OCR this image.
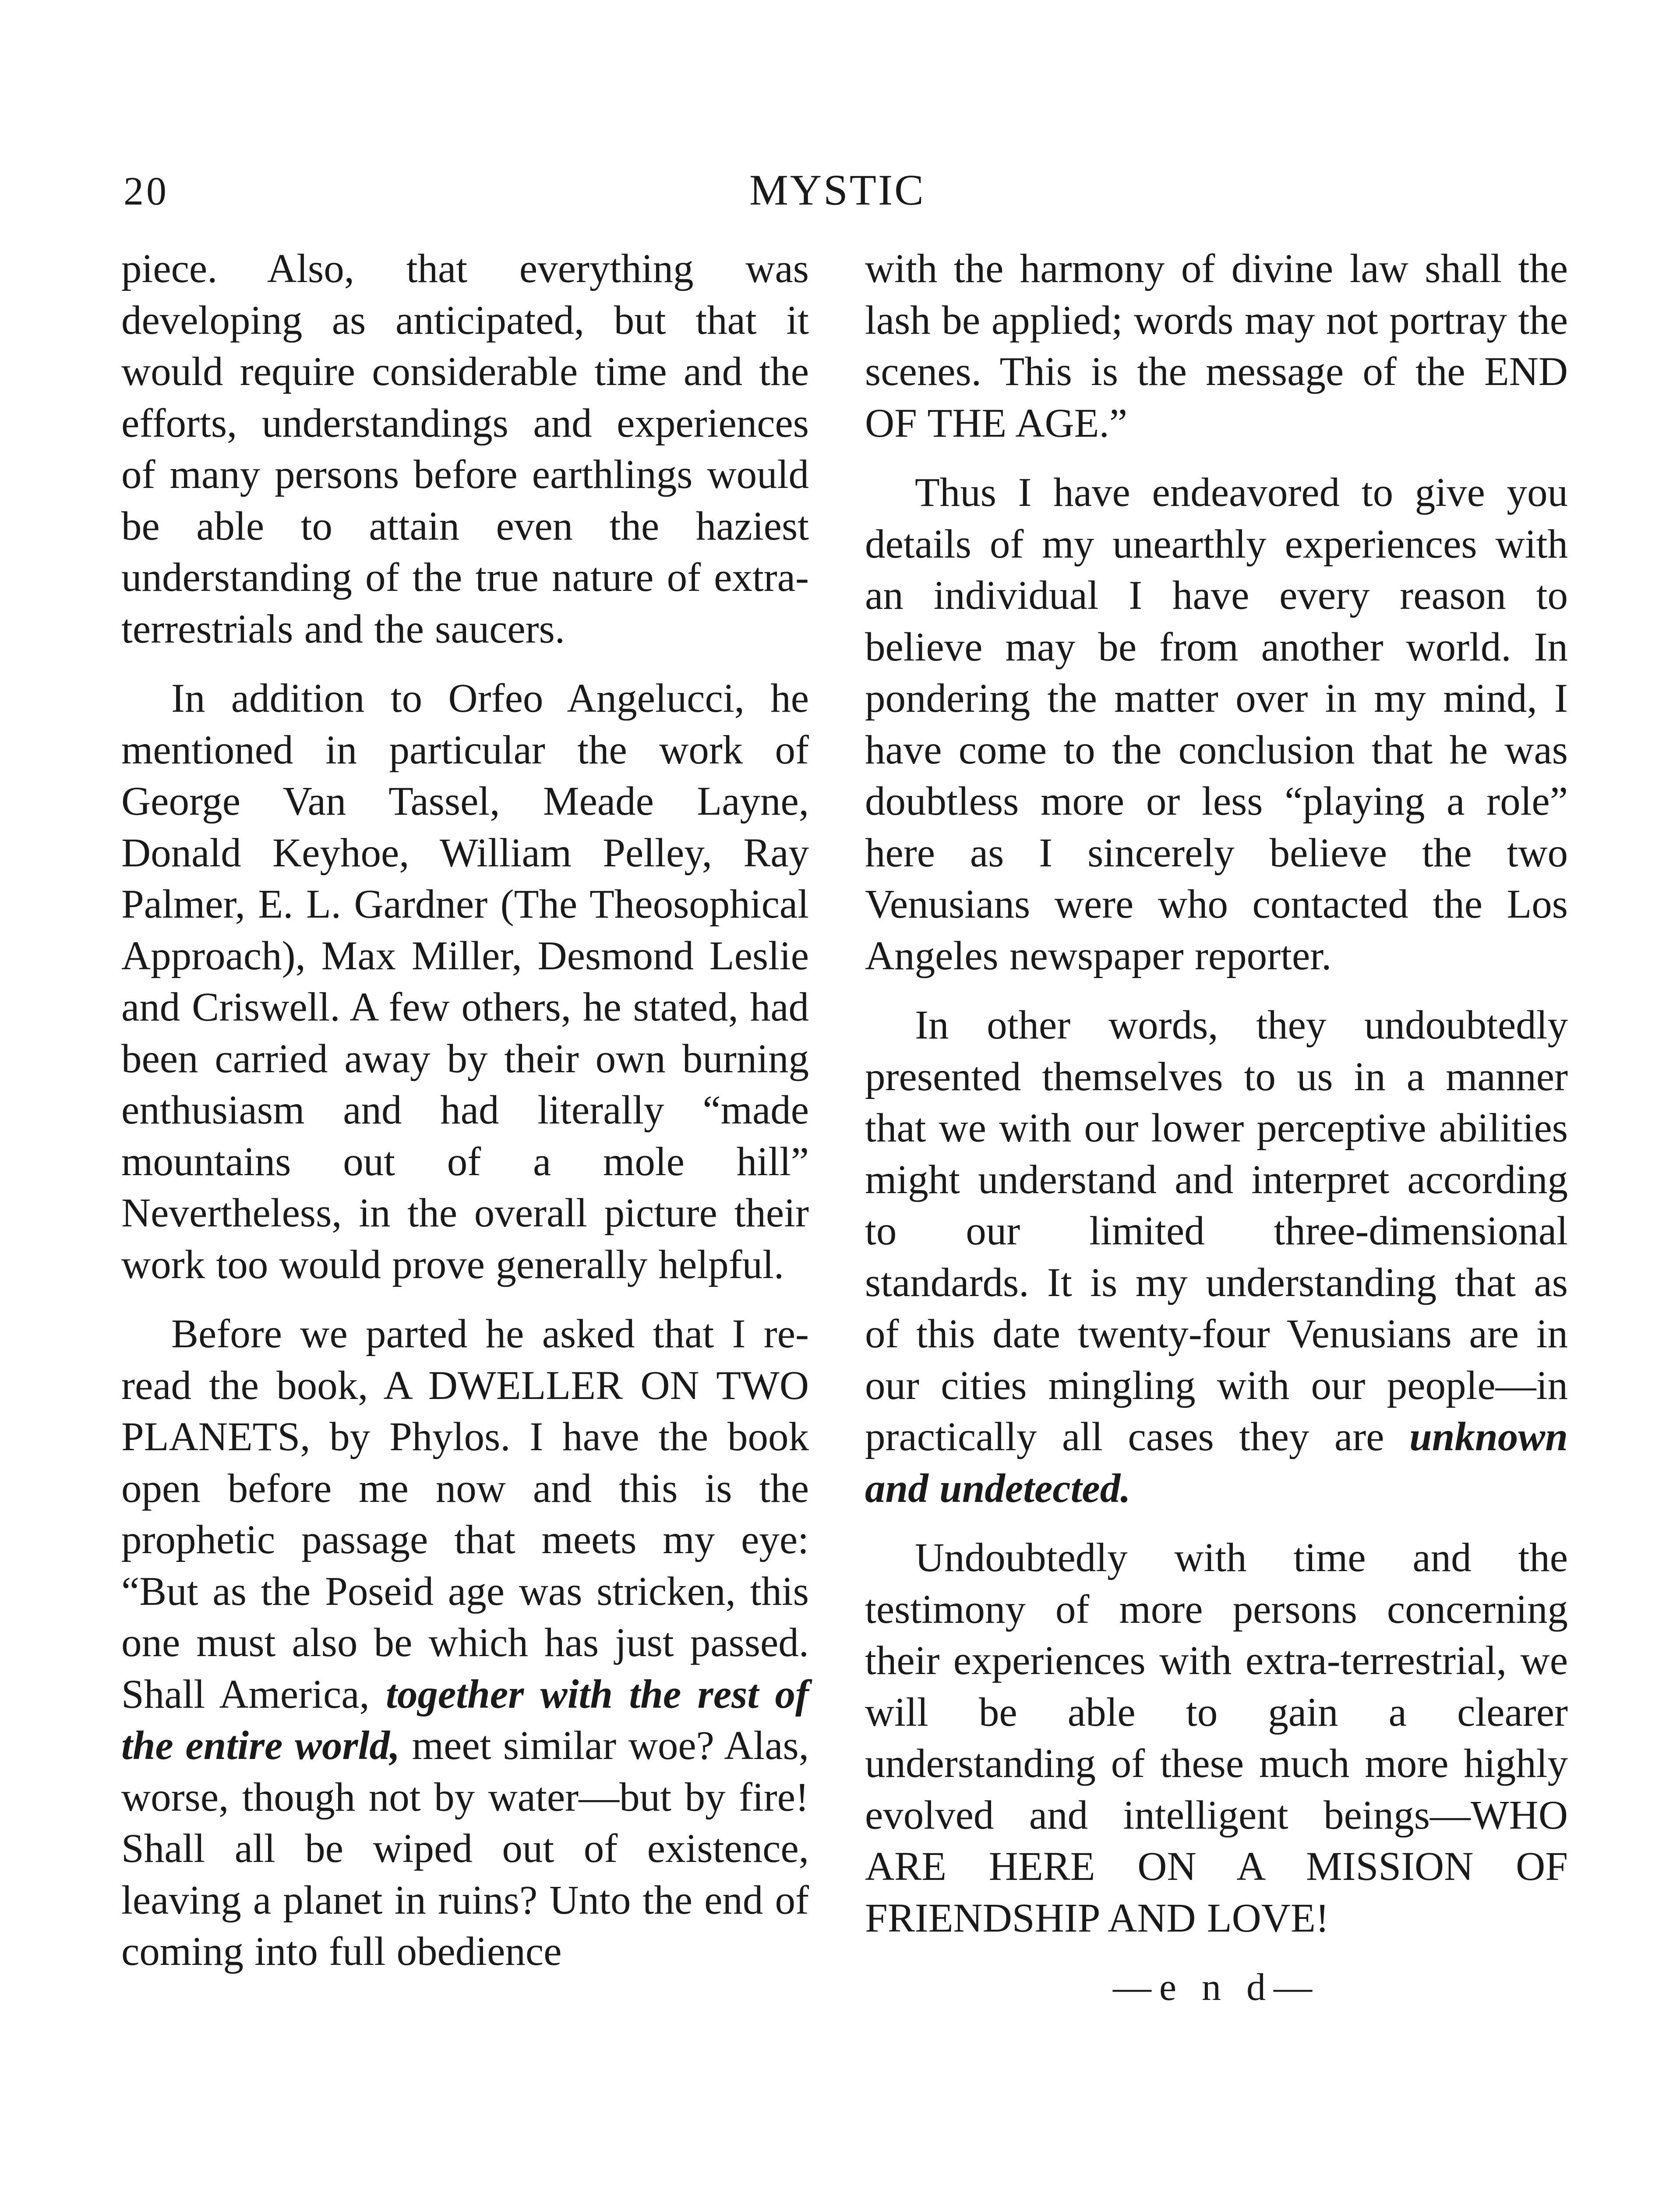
20	MYSTIC

piece. Also, that everything was developing as anticipated, but that it would require considerable time and the efforts, understandings and experiences of many persons before earthlings would be able to attain even the haziest understanding of the true nature of extra-terrestrials and the saucers.

In addition to Orfeo Angelucci, he mentioned in particular the work of George Van Tassel, Meade Layne, Donald Keyhoe, William Pelley, Ray Palmer, E. L. Gardner (The Theosophical Approach), Max Miller, Desmond Leslie and Criswell. A few others, he stated, had been carried away by their own burning enthusiasm and had literally “made mountains out of a mole hill” Nevertheless, in the overall picture their work too would prove generally helpful.

Before we parted he asked that I re-read the book, A DWELLER ON TWO PLANETS, by Phylos. I have the book open before me now and this is the prophetic passage that meets my eye: “But as the Poseid age was stricken, this one must also be which has just passed. Shall America, together with the rest of the entire world, meet similar woe? Alas, worse, though not by water—but by fire! Shall all be wiped out of existence, leaving a planet in ruins? Unto the end of coming into full obedience

with the harmony of divine law shall the lash be applied; words may not portray the scenes. This is the message of the END OF THE AGE.”

Thus I have endeavored to give you details of my unearthly experiences with an individual I have every reason to believe may be from another world. In pondering the matter over in my mind, I have come to the conclusion that he was doubtless more or less “playing a role” here as I sincerely believe the two Venusians were who contacted the Los Angeles newspaper reporter.

In other words, they undoubtedly presented themselves to us in a manner that we with our lower perceptive abilities might understand and interpret according to our limited three-dimensional standards. It is my understanding that as of this date twenty-four Venusians are in our cities mingling with our people—in practically all cases they are unknown and undetected.

Undoubtedly with time and the testimony of more persons concerning their experiences with extra-terrestrial, we will be able to gain a clearer understanding of these much more highly evolved and intelligent beings—WHO ARE HERE ON A MISSION OF FRIENDSHIP AND LOVE!

—e n d—
